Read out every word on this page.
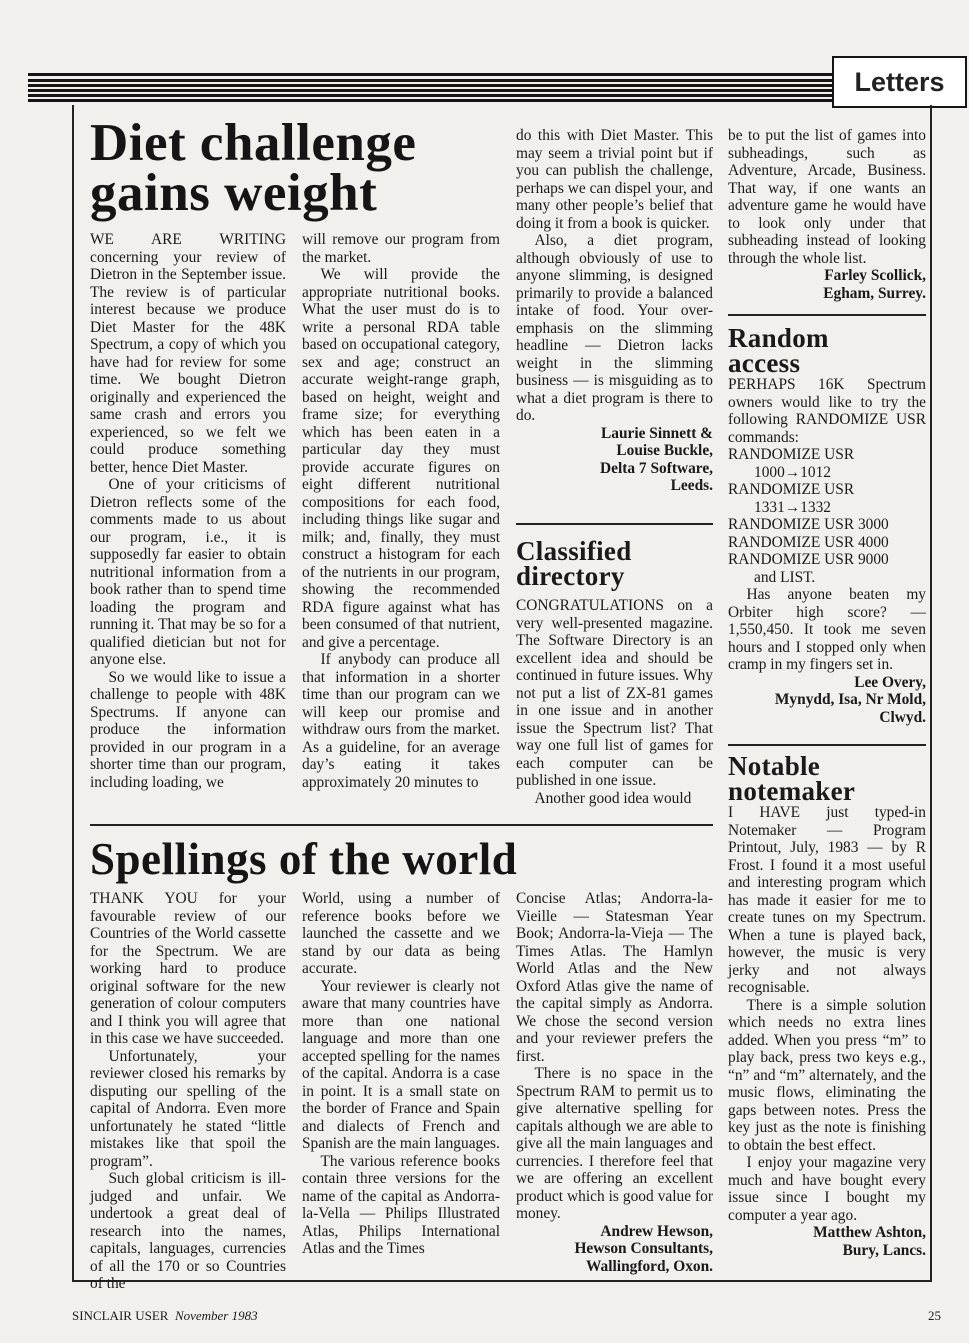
Letters
Diet challenge
gains weight

WE ARE WRITING concerning your review of Dietron in the September issue. The review is of particular interest because we produce Diet Master for the 48K Spectrum, a copy of which you have had for review for some time. We bought Dietron originally and experienced the same crash and errors you experienced, so we felt we could produce something better, hence Diet Master.

One of your criticisms of Dietron reflects some of the comments made to us about our program, i.e., it is supposedly far easier to obtain nutritional information from a book rather than to spend time loading the program and running it. That may be so for a qualified dietician but not for anyone else.

So we would like to issue a challenge to people with 48K Spectrums. If anyone can produce the information provided in our program in a shorter time than our program, including loading, we

will remove our program from the market.

We will provide the appropriate nutritional books. What the user must do is to write a personal RDA table based on occupational category, sex and age; construct an accurate weight-range graph, based on height, weight and frame size; for everything which has been eaten in a particular day they must provide accurate figures on eight different nutritional compositions for each food, including things like sugar and milk; and, finally, they must construct a histogram for each of the nutrients in our program, showing the recommended RDA figure against what has been consumed of that nutrient, and give a percentage.

If anybody can produce all that information in a shorter time than our program can we will keep our promise and withdraw ours from the market. As a guideline, for an average day’s eating it takes approximately 20 minutes to

do this with Diet Master. This may seem a trivial point but if you can publish the challenge, perhaps we can dispel your, and many other people’s belief that doing it from a book is quicker.

Also, a diet program, although obviously of use to anyone slimming, is designed primarily to provide a balanced intake of food. Your over-emphasis on the slimming headline — Dietron lacks weight in the slimming business — is misguiding as to what a diet program is there to do.

Laurie Sinnett &
Louise Buckle,
Delta 7 Software,
Leeds.
Classified
directory

CONGRATULATIONS on a very well-presented magazine. The Software Directory is an excellent idea and should be continued in future issues. Why not put a list of ZX-81 games in one issue and in another issue the Spectrum list? That way one full list of games for each computer can be published in one issue.

Another good idea would

be to put the list of games into subheadings, such as Adventure, Arcade, Business. That way, if one wants an adventure game he would have to look only under that subheading instead of looking through the whole list.

Farley Scollick,
Egham, Surrey.
Random
access

PERHAPS 16K Spectrum owners would like to try the following RANDOMIZE USR commands:

RANDOMIZE USR
1000→1012
RANDOMIZE USR
1331→1332
RANDOMIZE USR 3000
RANDOMIZE USR 4000
RANDOMIZE USR 9000
and LIST.

Has anyone beaten my Orbiter high score? — 1,550,450. It took me seven hours and I stopped only when cramp in my fingers set in.

Lee Overy,
Mynydd, Isa, Nr Mold,
Clwyd.
Notable
notemaker

I HAVE just typed-in Notemaker — Program Printout, July, 1983 — by R Frost. I found it a most useful and interesting program which has made it easier for me to create tunes on my Spectrum. When a tune is played back, however, the music is very jerky and not always recognisable.

There is a simple solution which needs no extra lines added. When you press “m” to play back, press two keys e.g., “n” and “m” alternately, and the music flows, eliminating the gaps between notes. Press the key just as the note is finishing to obtain the best effect.

I enjoy your magazine very much and have bought every issue since I bought my computer a year ago.

Matthew Ashton,
Bury, Lancs.
Spellings of the world

THANK YOU for your favourable review of our Countries of the World cassette for the Spectrum. We are working hard to produce original software for the new generation of colour computers and I think you will agree that in this case we have succeeded.

Unfortunately, your reviewer closed his remarks by disputing our spelling of the capital of Andorra. Even more unfortunately he stated “little mistakes like that spoil the program”.

Such global criticism is ill-judged and unfair. We undertook a great deal of research into the names, capitals, languages, currencies of all the 170 or so Countries of the

World, using a number of reference books before we launched the cassette and we stand by our data as being accurate.

Your reviewer is clearly not aware that many countries have more than one national language and more than one accepted spelling for the names of the capital. Andorra is a case in point. It is a small state on the border of France and Spain and dialects of French and Spanish are the main languages.

The various reference books contain three versions for the name of the capital as Andorra-la-Vella — Philips Illustrated Atlas, Philips International Atlas and the Times

Concise Atlas; Andorra-la-Vieille — Statesman Year Book; Andorra-la-Vieja — The Times Atlas. The Hamlyn World Atlas and the New Oxford Atlas give the name of the capital simply as Andorra. We chose the second version and your reviewer prefers the first.

There is no space in the Spectrum RAM to permit us to give alternative spelling for capitals although we are able to give all the main languages and currencies. I therefore feel that we are offering an excellent product which is good value for money.

Andrew Hewson,
Hewson Consultants,
Wallingford, Oxon.
SINCLAIR USER November 1983	25
